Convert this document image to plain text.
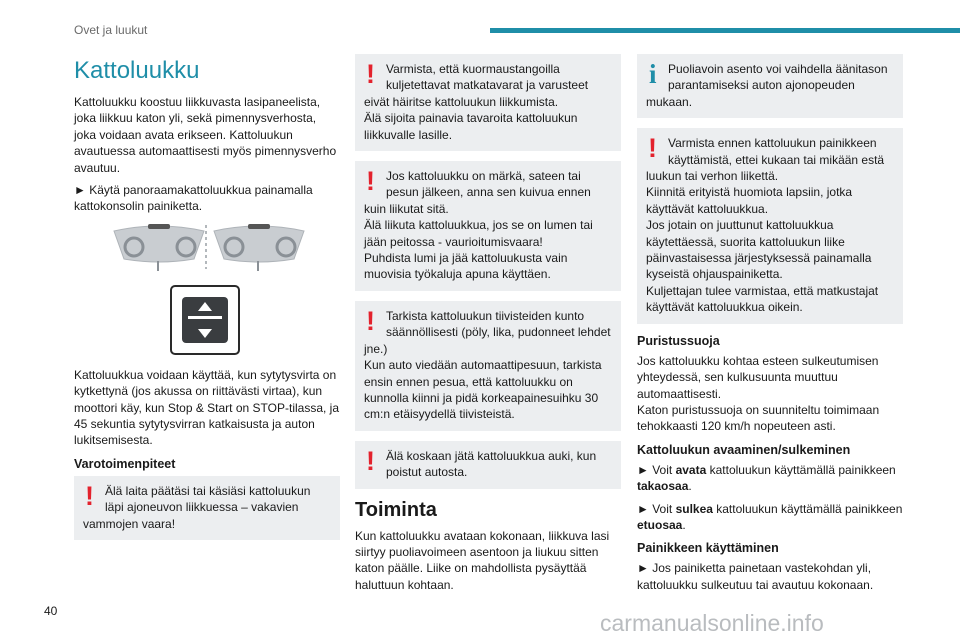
Ovet ja luukut
Kattoluukku

Kattoluukku koostuu liikkuvasta lasipaneelista, joka liikkuu katon yli, sekä pimennysverhosta, joka voidaan avata erikseen. Kattoluukun avautuessa automaattisesti myös pimennysverho avautuu.

► Käytä panoraamakattoluukkua painamalla kattokonsolin painiketta.

Kattoluukkua voidaan käyttää, kun sytytysvirta on kytkettynä (jos akussa on riittävästi virtaa), kun moottori käy, kun Stop & Start on STOP-tilassa, ja 45 sekuntia sytytysvirran katkaisusta ja auton lukitsemisesta.

Varotoimenpiteet
!

Älä laita päätäsi tai käsiäsi kattoluukun läpi ajoneuvon liikkuessa – vakavien vammojen vaara!

!

Varmista, että kuormaustangoilla kuljetettavat matkatavarat ja varusteet eivät häiritse kattoluukun liikkumista.
Älä sijoita painavia tavaroita kattoluukun liikkuvalle lasille.

!

Jos kattoluukku on märkä, sateen tai pesun jälkeen, anna sen kuivua ennen kuin liikutat sitä.
Älä liikuta kattoluukkua, jos se on lumen tai jään peitossa - vaurioitumisvaara!
Puhdista lumi ja jää kattoluukusta vain muovisia työkaluja apuna käyttäen.

!

Tarkista kattoluukun tiivisteiden kunto säännöllisesti (pöly, lika, pudonneet lehdet jne.)
Kun auto viedään automaattipesuun, tarkista ensin ennen pesua, että kattoluukku on kunnolla kiinni ja pidä korkeapainesuihku 30 cm:n etäisyydellä tiivisteistä.

!

Älä koskaan jätä kattoluukkua auki, kun poistut autosta.

Toiminta

Kun kattoluukku avataan kokonaan, liikkuva lasi siirtyy puoliavoimeen asentoon ja liukuu sitten katon päälle. Liike on mahdollista pysäyttää haluttuun kohtaan.

i

Puoliavoin asento voi vaihdella äänitason parantamiseksi auton ajonopeuden mukaan.

!

Varmista ennen kattoluukun painikkeen käyttämistä, ettei kukaan tai mikään estä luukun tai verhon liikettä.
Kiinnitä erityistä huomiota lapsiin, jotka käyttävät kattoluukkua.
Jos jotain on juuttunut kattoluukkua käytettäessä, suorita kattoluukun liike päinvastaisessa järjestyksessä painamalla kyseistä ohjauspainiketta.
Kuljettajan tulee varmistaa, että matkustajat käyttävät kattoluukkua oikein.

Puristussuoja

Jos kattoluukku kohtaa esteen sulkeutumisen yhteydessä, sen kulkusuunta muuttuu automaattisesti.
Katon puristussuoja on suunniteltu toimimaan tehokkaasti 120 km/h nopeuteen asti.

Kattoluukun avaaminen/sulkeminen

► Voit avata kattoluukun käyttämällä painikkeen takaosaa.

► Voit sulkea kattoluukun käyttämällä painikkeen etuosaa.

Painikkeen käyttäminen

► Jos painiketta painetaan vastekohdan yli, kattoluukku sulkeutuu tai avautuu kokonaan.

40	carmanualsonline.info
